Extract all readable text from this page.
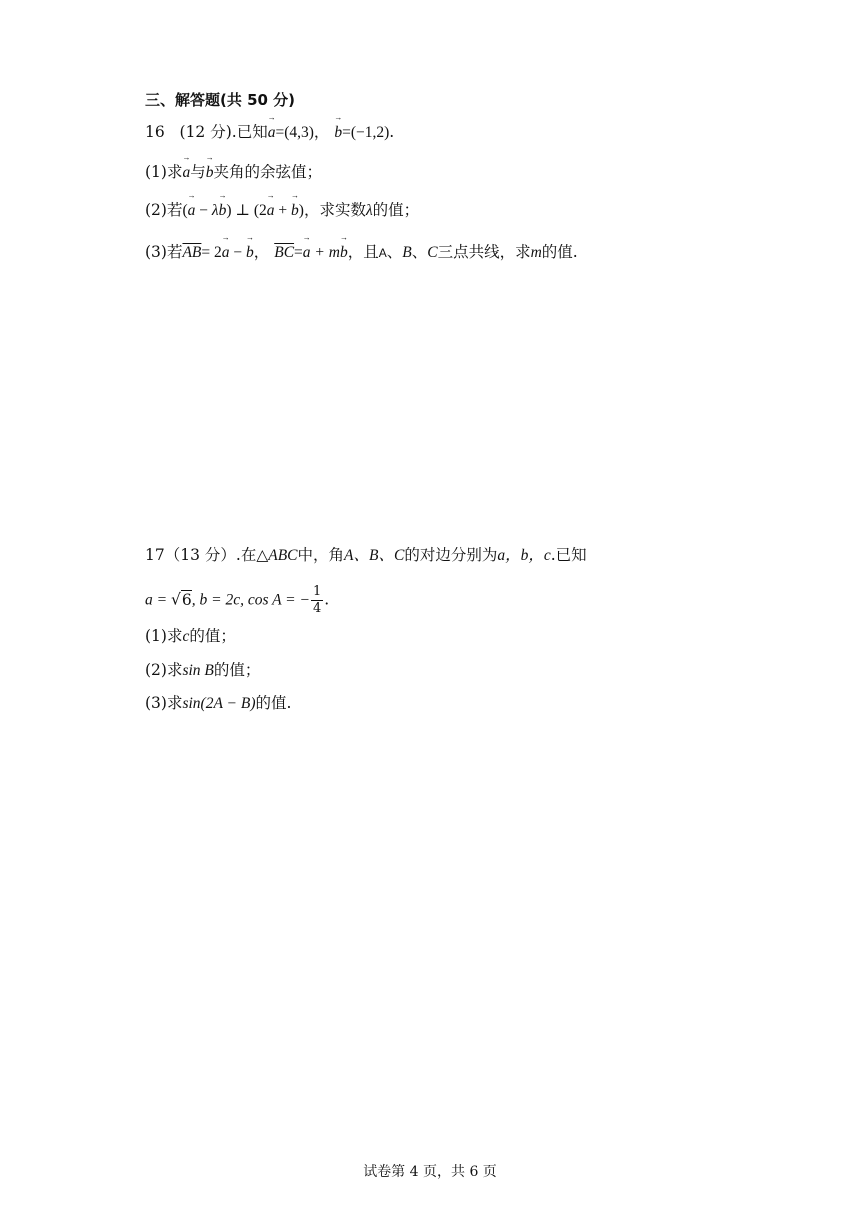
三、解答题(共 50 分)
16 (12 分).已知→ a=(4,3)， → b=(−1,2).
(1)求→ a与→ b夹角的余弦值；
(2)若(→ a − λ→ b) ⊥ (2→ a + → b)，求实数λ的值；
(3)若$\overline{AB}= 2\to a$ − → b， $\overline{BC}=\to a + m\to b$，且A、B、C三点共线，求m的值.
17（13 分）.在△ABC中，角A、B、C的对边分别为a，b，c.已知
a = √6, b = 2c, cos A = − $\frac{1}{4}$ .
(1)求c的值；
(2)求sin B的值；
(3)求sin(2A − B)的值.
试卷第 4 页，共 6 页
